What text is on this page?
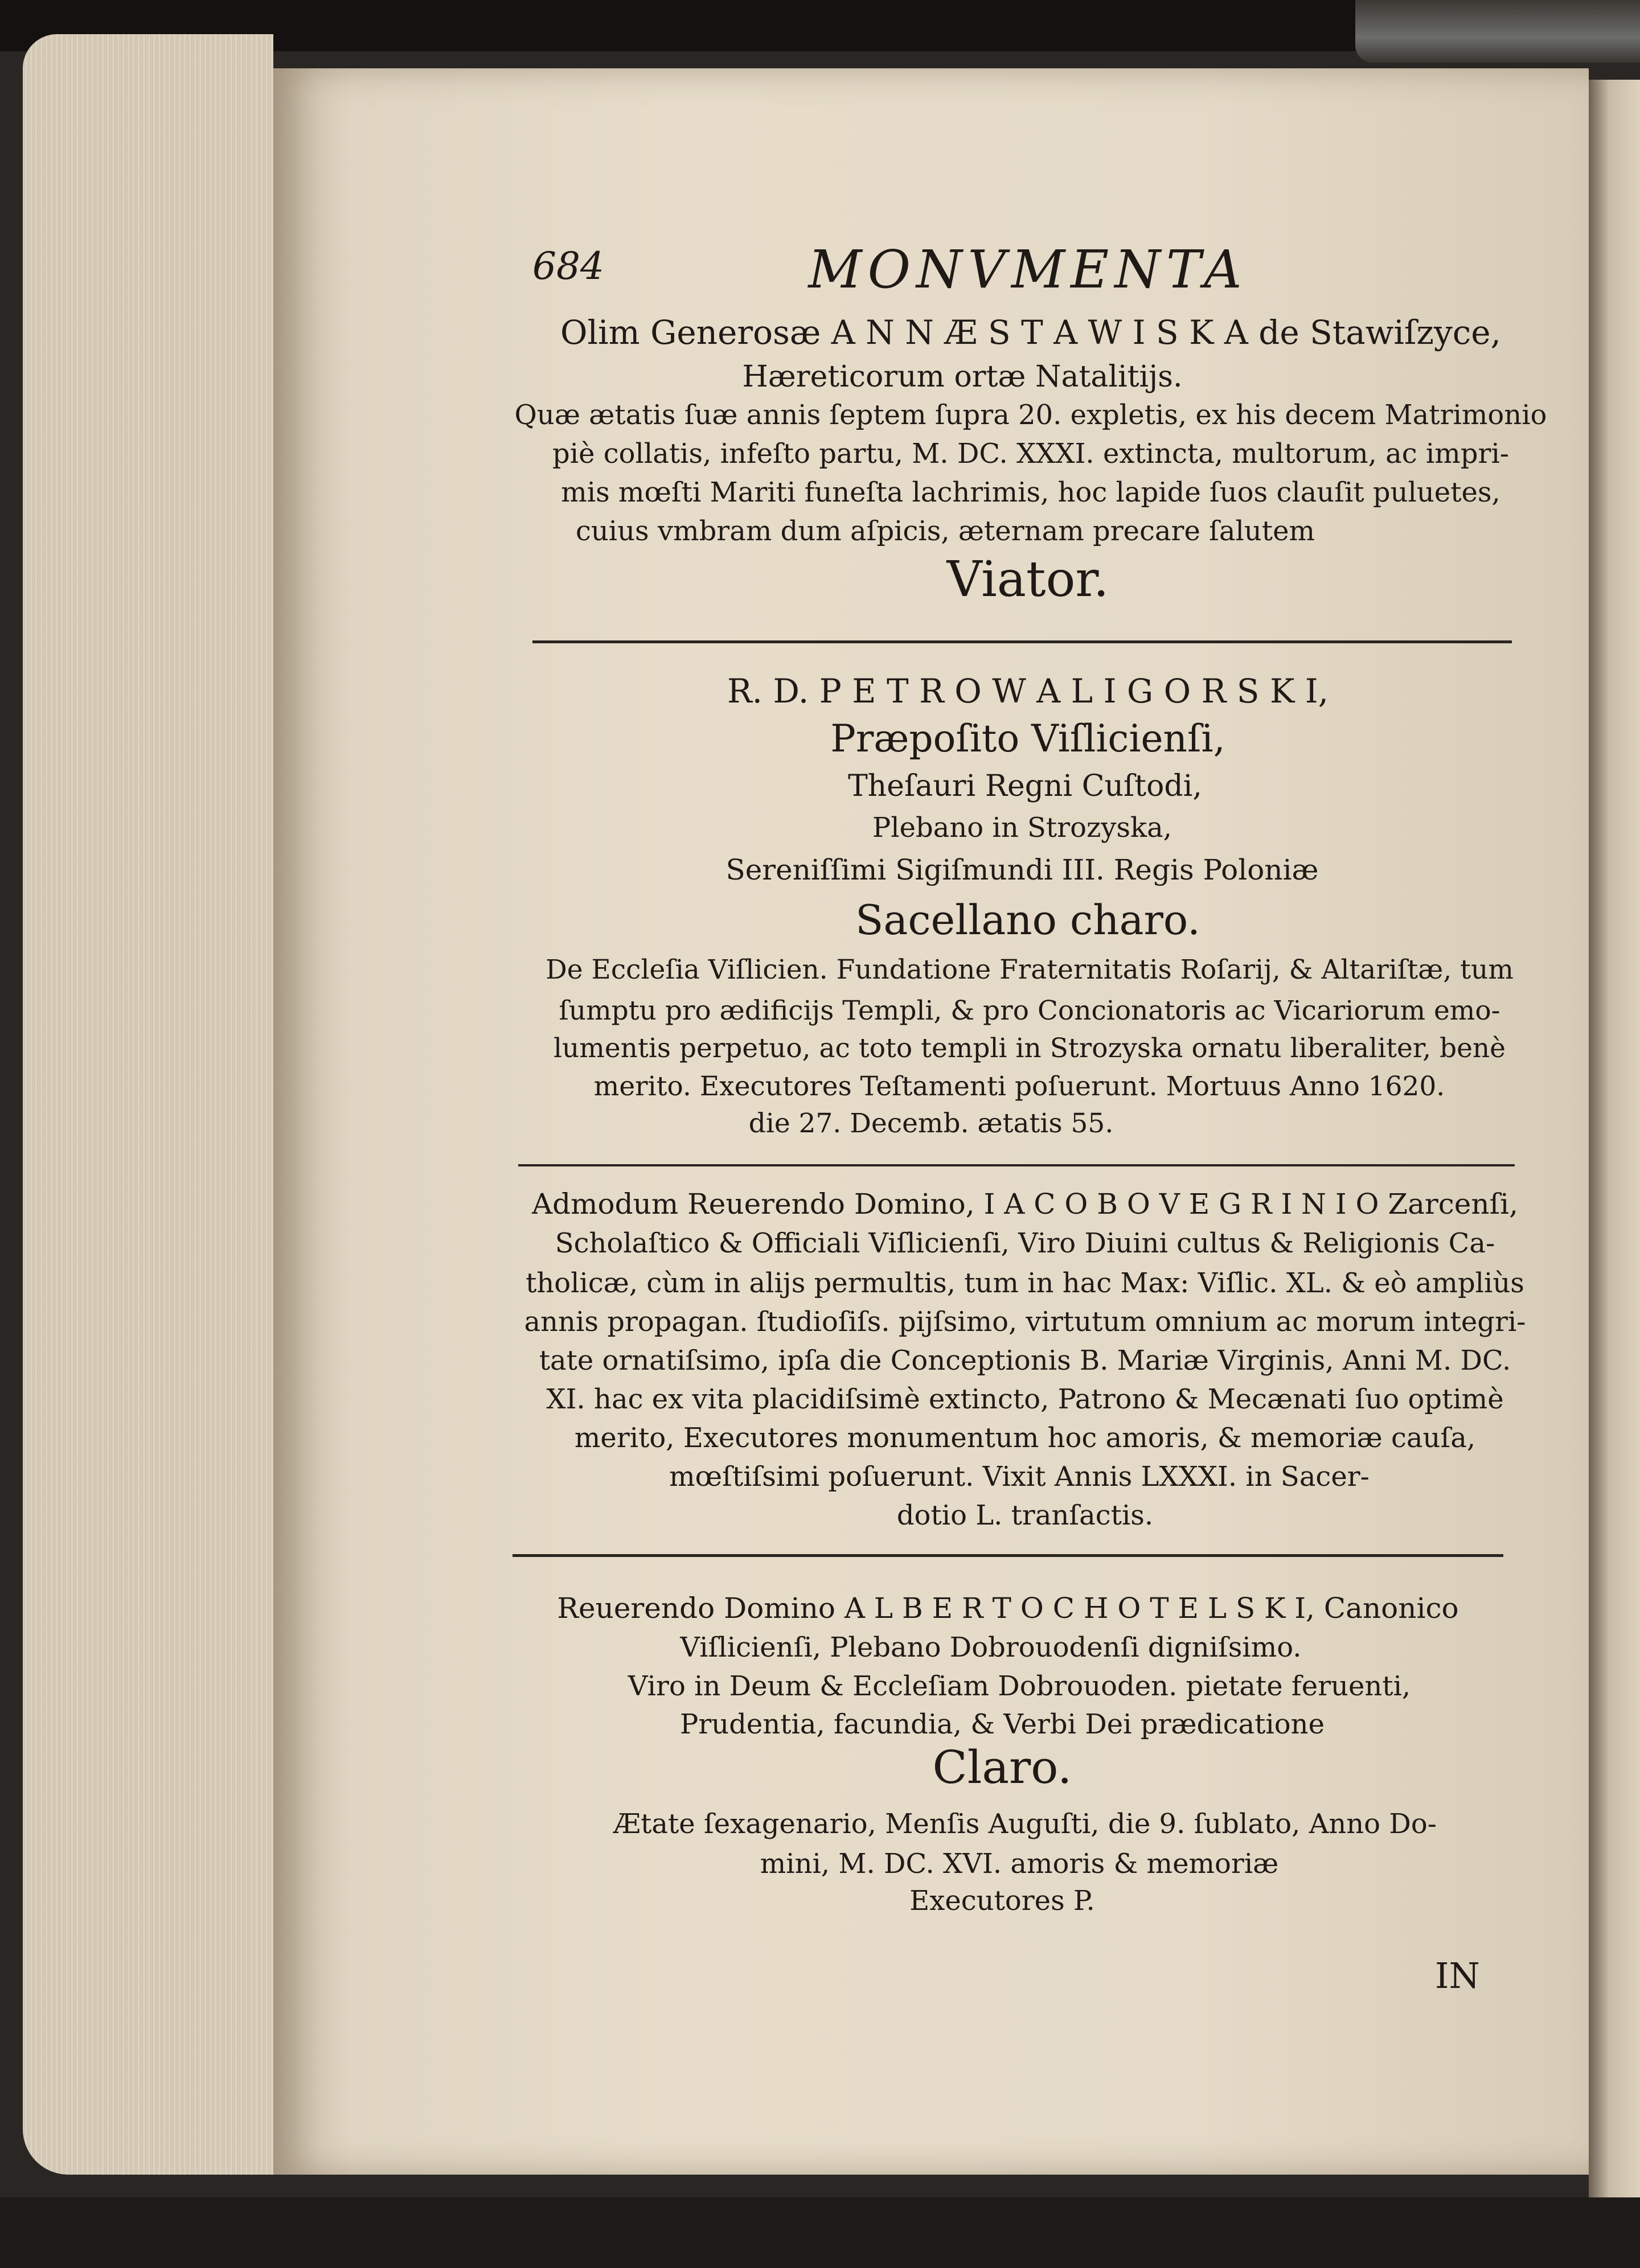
684	MONVMENTA
Olim Generosæ A N N Æ S T A W I S K A de Stawiſzyce,
Hæreticorum ortæ Natalitijs.
Quæ ætatis ſuæ annis ſeptem ſupra 20. expletis, ex his decem Matrimonio
piè collatis, infeſto partu, M. DC. XXXI. extincta, multorum, ac impri-
mis mœſti Mariti funeſta lachrimis, hoc lapide ſuos clauſit puluetes,
cuius vmbram dum aſpicis, æternam precare ſalutem
Viator.
R. D. P E T R O W A L I G O R S K I,
Præpoſito Viſlicienſi,
Theſauri Regni Cuſtodi,
Plebano in Strozyska,
Sereniſſimi Sigiſmundi III. Regis Poloniæ
Sacellano charo.
De Eccleſia Viſlicien. Fundatione Fraternitatis Roſarij, & Altariſtæ, tum
ſumptu pro ædificijs Templi, & pro Concionatoris ac Vicariorum emo-
lumentis perpetuo, ac toto templi in Strozyska ornatu liberaliter, benè
merito. Executores Teſtamenti poſuerunt. Mortuus Anno 1620.
die 27. Decemb. ætatis 55.
Admodum Reuerendo Domino, I A C O B O V E G R I N I O Zarcenſi,
Scholaſtico & Officiali Viſlicienſi, Viro Diuini cultus & Religionis Ca-
tholicæ, cùm in alijs permultis, tum in hac Max: Viſlic. XL. & eò ampliùs
annis propagan. ſtudioſiſs. pijſsimo, virtutum omnium ac morum integri-
tate ornatiſsimo, ipſa die Conceptionis B. Mariæ Virginis, Anni M. DC.
XI. hac ex vita placidiſsimè extincto, Patrono & Mecænati ſuo optimè
merito, Executores monumentum hoc amoris, & memoriæ cauſa,
mœſtiſsimi poſuerunt. Vixit Annis LXXXI. in Sacer-
dotio L. tranſactis.
Reuerendo Domino A L B E R T O C H O T E L S K I, Canonico
Viſlicienſi, Plebano Dobrouodenſi digniſsimo.
Viro in Deum & Eccleſiam Dobrouoden. pietate feruenti,
Prudentia, facundia, & Verbi Dei prædicatione
Claro.
Ætate ſexagenario, Menſis Auguſti, die 9. ſublato, Anno Do-
mini, M. DC. XVI. amoris & memoriæ
Executores P.
IN
